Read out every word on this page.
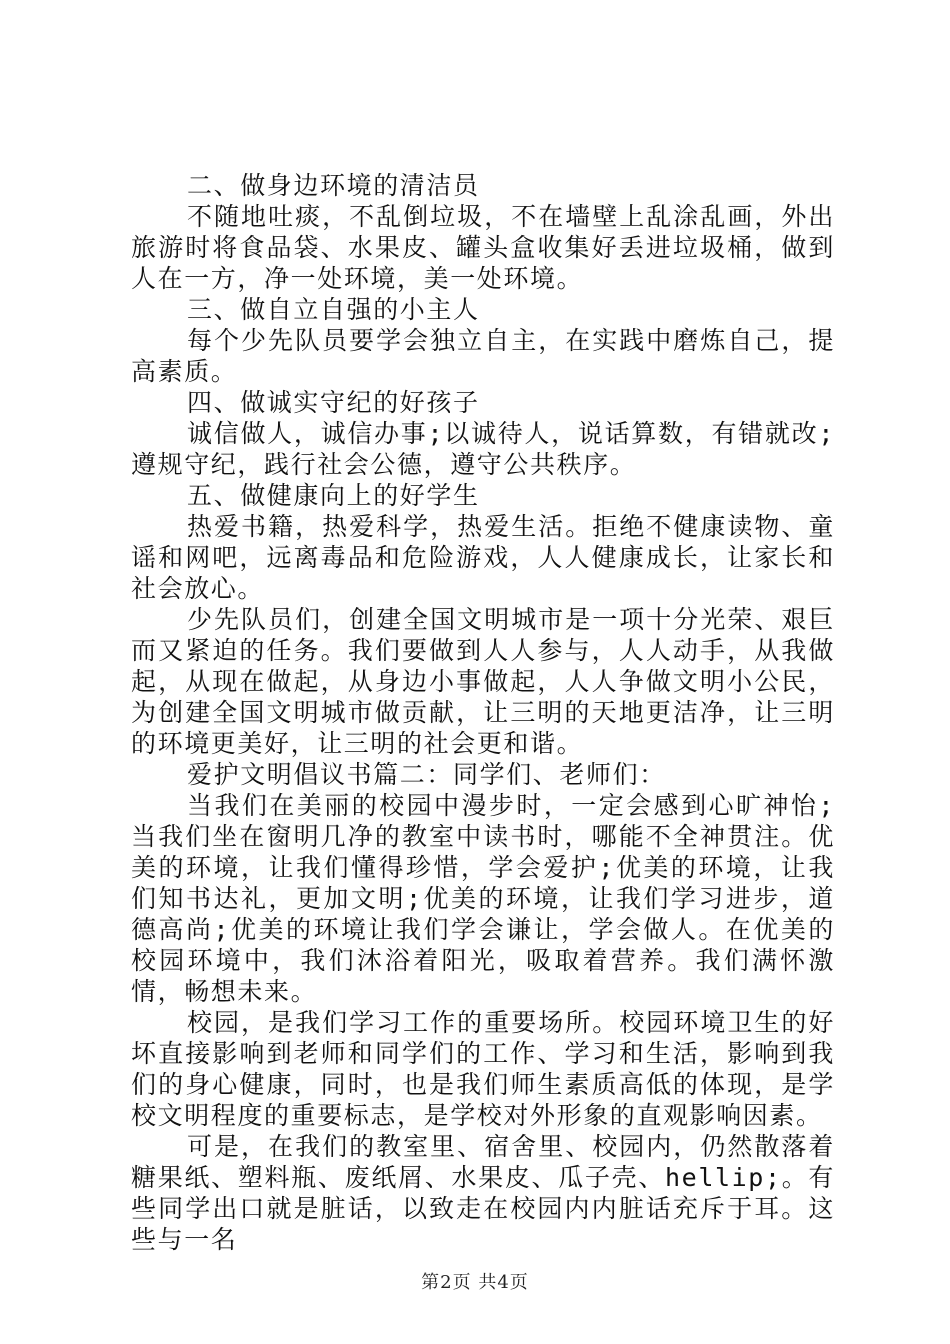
二、做身边环境的清洁员

不随地吐痰，不乱倒垃圾，不在墙壁上乱涂乱画，外出旅游时将食品袋、水果皮、罐头盒收集好丢进垃圾桶，做到人在一方，净一处环境，美一处环境。

三、做自立自强的小主人

每个少先队员要学会独立自主，在实践中磨炼自己，提高素质。

四、做诚实守纪的好孩子

诚信做人，诚信办事;以诚待人，说话算数，有错就改;遵规守纪，践行社会公德，遵守公共秩序。

五、做健康向上的好学生

热爱书籍，热爱科学，热爱生活。拒绝不健康读物、童谣和网吧，远离毒品和危险游戏，人人健康成长，让家长和社会放心。

少先队员们，创建全国文明城市是一项十分光荣、艰巨而又紧迫的任务。我们要做到人人参与，人人动手，从我做起，从现在做起，从身边小事做起，人人争做文明小公民，为创建全国文明城市做贡献，让三明的天地更洁净，让三明的环境更美好，让三明的社会更和谐。

爱护文明倡议书篇二：同学们、老师们：

当我们在美丽的校园中漫步时，一定会感到心旷神怡;当我们坐在窗明几净的教室中读书时，哪能不全神贯注。优美的环境，让我们懂得珍惜，学会爱护;优美的环境，让我们知书达礼，更加文明;优美的环境，让我们学习进步，道德高尚;优美的环境让我们学会谦让，学会做人。在优美的校园环境中，我们沐浴着阳光，吸取着营养。我们满怀激情，畅想未来。

校园，是我们学习工作的重要场所。校园环境卫生的好坏直接影响到老师和同学们的工作、学习和生活，影响到我们的身心健康，同时，也是我们师生素质高低的体现，是学校文明程度的重要标志，是学校对外形象的直观影响因素。

可是，在我们的教室里、宿舍里、校园内，仍然散落着糖果纸、塑料瓶、废纸屑、水果皮、瓜子壳、hellip;。有些同学出口就是脏话，以致走在校园内内脏话充斥于耳。这些与一名

第2页 共4页
